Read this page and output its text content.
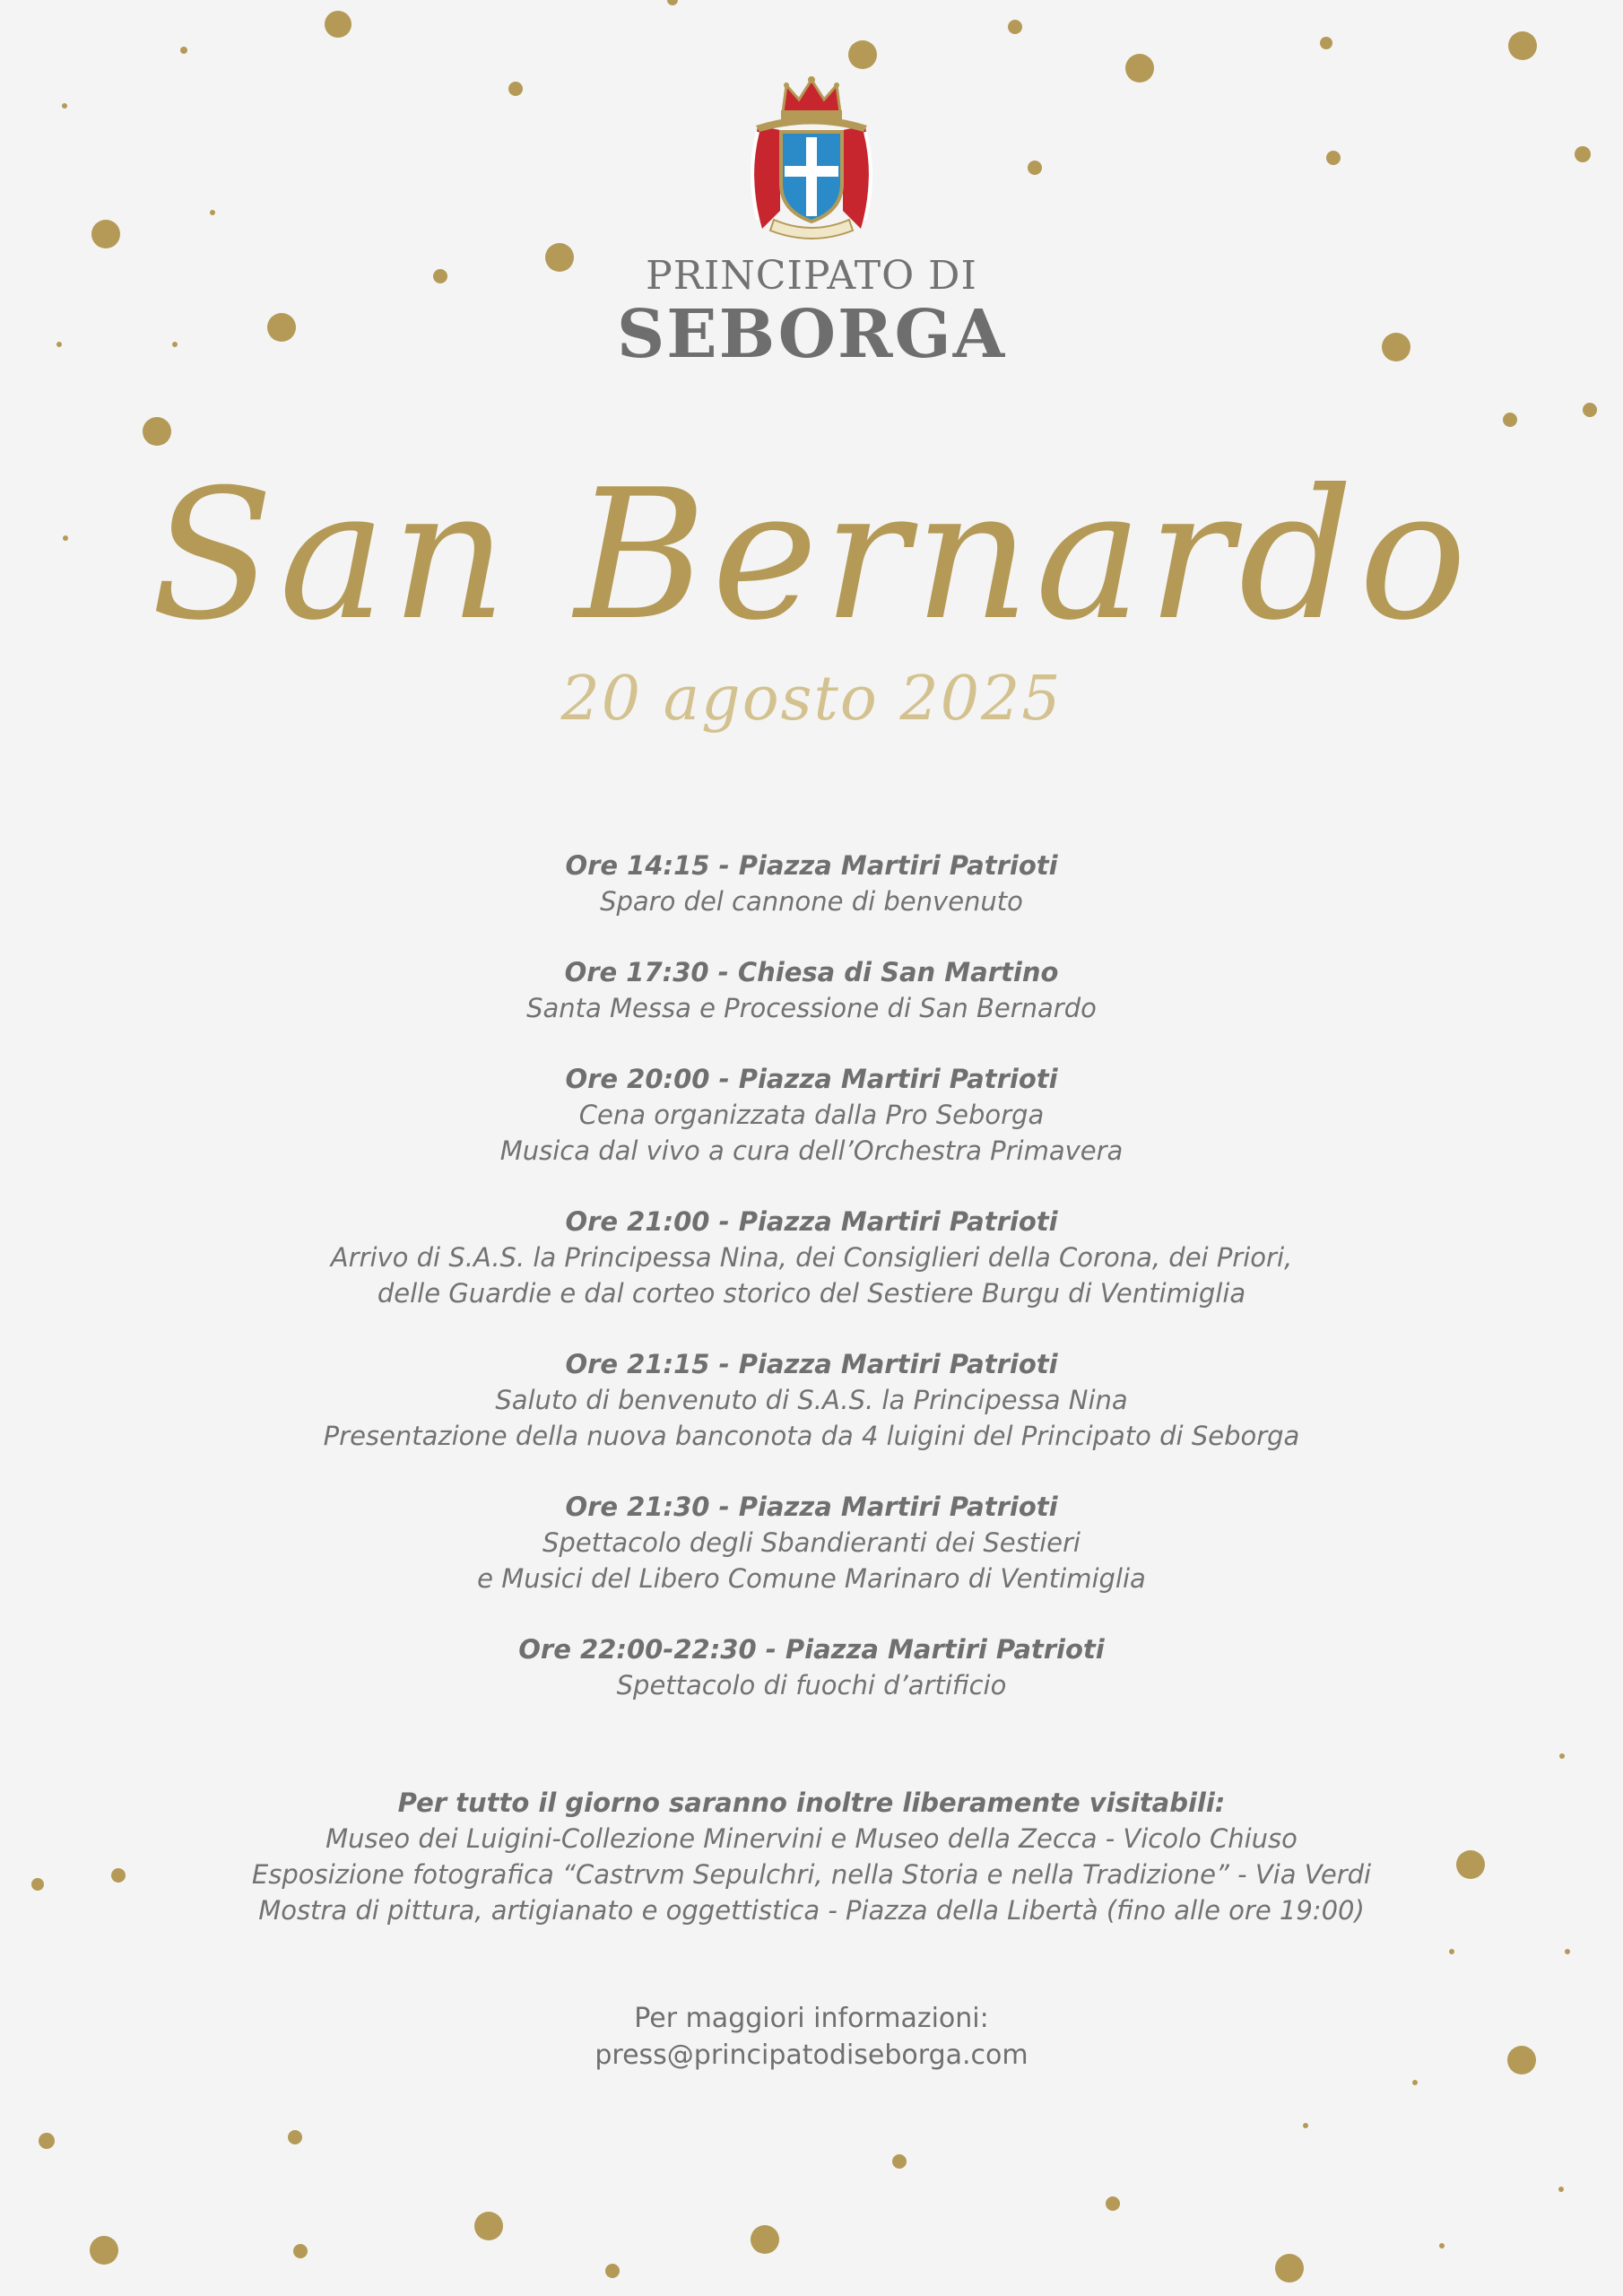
PRINCIPATO DI
SEBORGA
San Bernardo
20 agosto 2025
Ore 14:15 - Piazza Martiri Patrioti
Sparo del cannone di benvenuto
Ore 17:30 - Chiesa di San Martino
Santa Messa e Processione di San Bernardo
Ore 20:00 - Piazza Martiri Patrioti
Cena organizzata dalla Pro Seborga
Musica dal vivo a cura dell’Orchestra Primavera
Ore 21:00 - Piazza Martiri Patrioti
Arrivo di S.A.S. la Principessa Nina, dei Consiglieri della Corona, dei Priori,
delle Guardie e dal corteo storico del Sestiere Burgu di Ventimiglia
Ore 21:15 - Piazza Martiri Patrioti
Saluto di benvenuto di S.A.S. la Principessa Nina
Presentazione della nuova banconota da 4 luigini del Principato di Seborga
Ore 21:30 - Piazza Martiri Patrioti
Spettacolo degli Sbandieranti dei Sestieri
e Musici del Libero Comune Marinaro di Ventimiglia
Ore 22:00-22:30 - Piazza Martiri Patrioti
Spettacolo di fuochi d’artificio
Per tutto il giorno saranno inoltre liberamente visitabili:
Museo dei Luigini-Collezione Minervini e Museo della Zecca - Vicolo Chiuso
Esposizione fotografica “Castrvm Sepulchri, nella Storia e nella Tradizione” - Via Verdi
Mostra di pittura, artigianato e oggettistica - Piazza della Libertà (fino alle ore 19:00)
Per maggiori informazioni:
press@principatodiseborga.com
